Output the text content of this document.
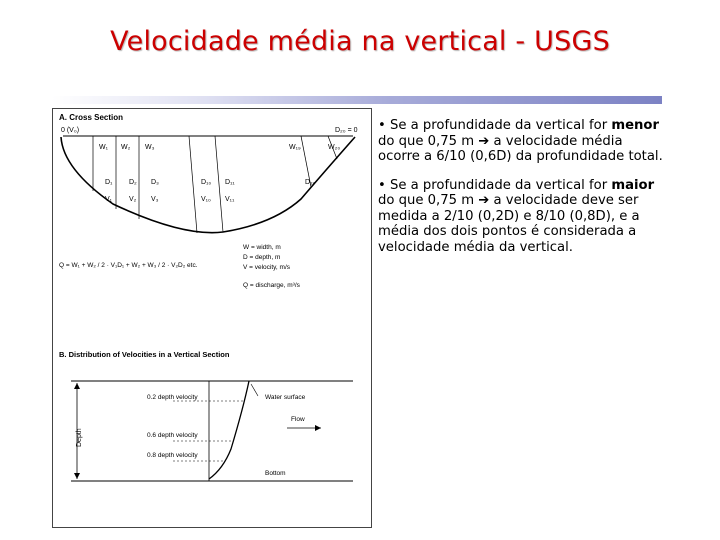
Velocidade média na vertical - USGS
A. Cross Section
0 (V₀)	D₂₀ = 0
W₁ W₂ W₃	W₁₉	W₂₀
D₁ D₂ D₃	D₁₀ D₁₁	D₁₉
V₁ V₂ V₃	V₁₀ V₁₁
Q = W₁ + W₂ / 2 · V₁D₁ + W₂ + W₃ / 2 · V₂D₂ etc.
W = width, m
D = depth, m
V = velocity, m/s
Q = discharge, m³/s
B. Distribution of Velocities in a Vertical Section
Depth
0.2 depth velocity
0.6 depth velocity
0.8 depth velocity
Water surface
Flow
Bottom

• Se a profundidade da vertical for menor do que 0,75 m ➔ a velocidade média ocorre a 6/10 (0,6D) da profundidade total.

• Se a profundidade da vertical for maior do que 0,75 m ➔ a velocidade deve ser medida a 2/10 (0,2D) e 8/10 (0,8D), e a média dos dois pontos é considerada a velocidade média da vertical.
